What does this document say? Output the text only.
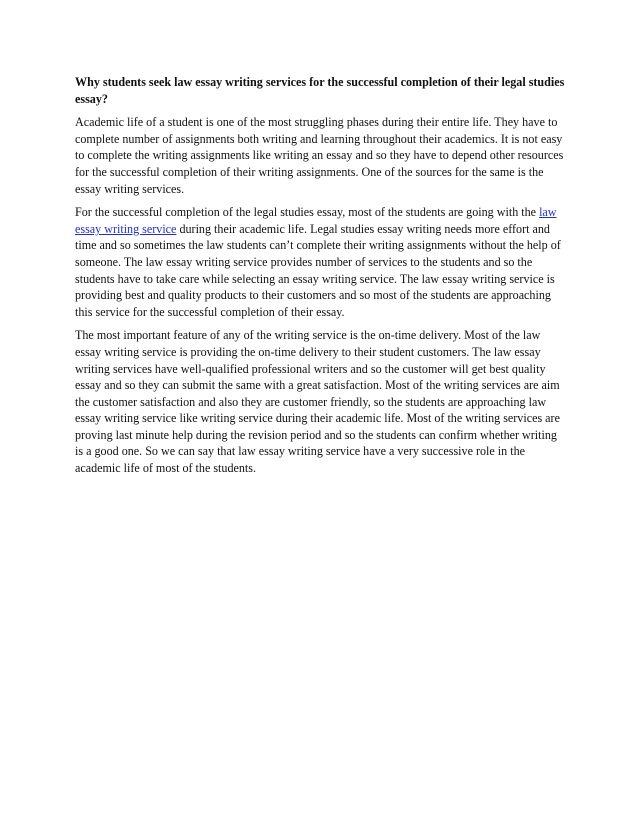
Why students seek law essay writing services for the successful completion of their legal studies essay?

Academic life of a student is one of the most struggling phases during their entire life. They have to complete number of assignments both writing and learning throughout their academics. It is not easy to complete the writing assignments like writing an essay and so they have to depend other resources for the successful completion of their writing assignments. One of the sources for the same is the essay writing services.

For the successful completion of the legal studies essay, most of the students are going with the law essay writing service during their academic life. Legal studies essay writing needs more effort and time and so sometimes the law students can’t complete their writing assignments without the help of someone. The law essay writing service provides number of services to the students and so the students have to take care while selecting an essay writing service. The law essay writing service is providing best and quality products to their customers and so most of the students are approaching this service for the successful completion of their essay.

The most important feature of any of the writing service is the on-time delivery. Most of the law essay writing service is providing the on-time delivery to their student customers. The law essay writing services have well-qualified professional writers and so the customer will get best quality essay and so they can submit the same with a great satisfaction. Most of the writing services are aim the customer satisfaction and also they are customer friendly, so the students are approaching law essay writing service like writing service during their academic life. Most of the writing services are proving last minute help during the revision period and so the students can confirm whether writing is a good one. So we can say that law essay writing service have a very successive role in the academic life of most of the students.
